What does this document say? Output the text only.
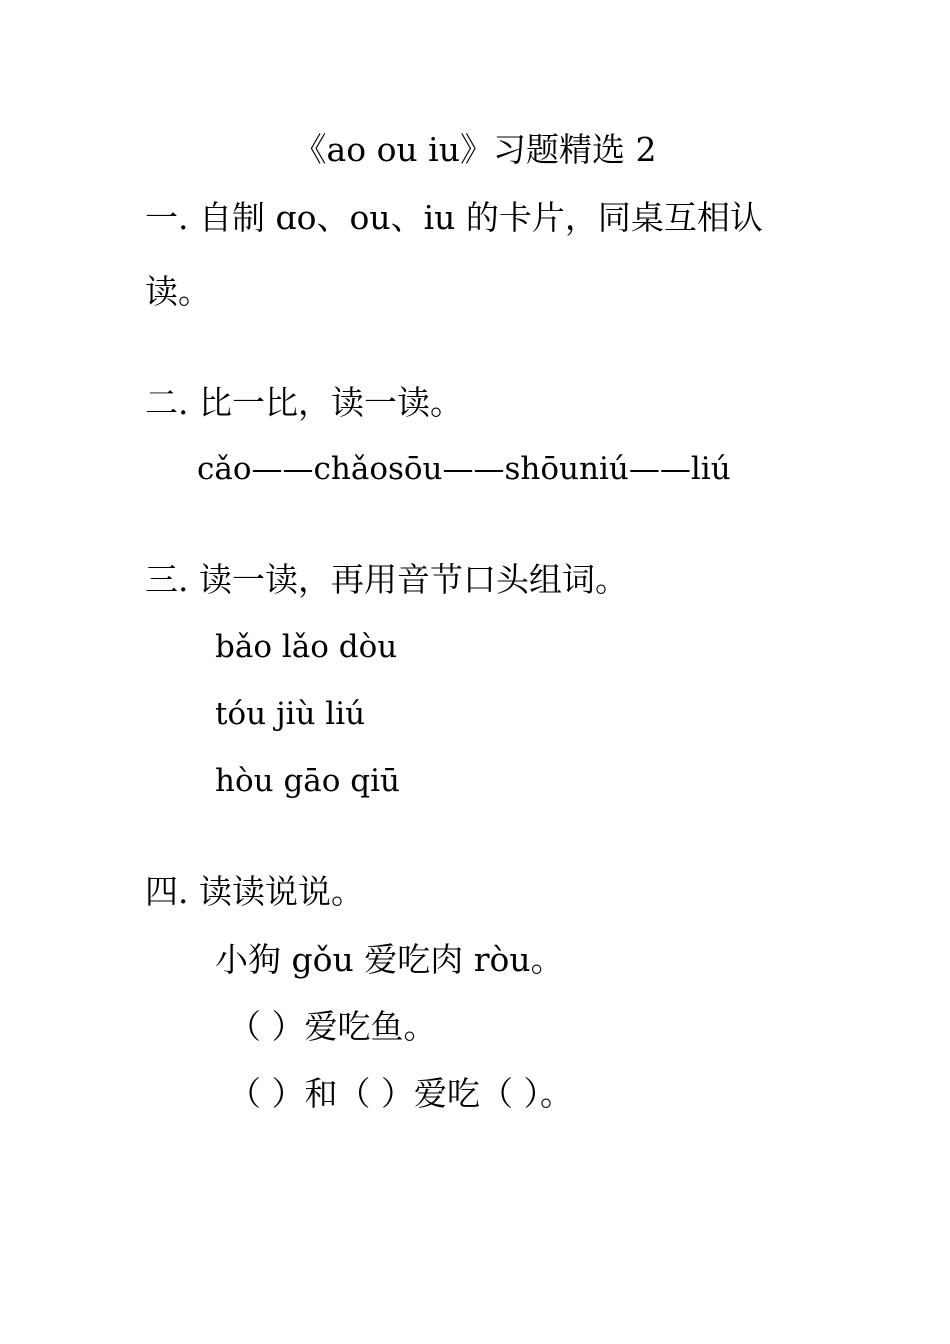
《ao ou iu》习题精选 2
一. 自制 ɑo、ou、iu 的卡片，同桌互相认
读。
二. 比一比，读一读。
cǎo——chǎosōu——shōuniú——liú
三. 读一读，再用音节口头组词。
bǎo lǎo dòu
tóu jiù liú
hòu gāo qiū
四. 读读说说。
小狗 gǒu 爱吃肉 ròu。
（ ）爱吃鱼。
（ ）和（ ）爱吃（ ）。
